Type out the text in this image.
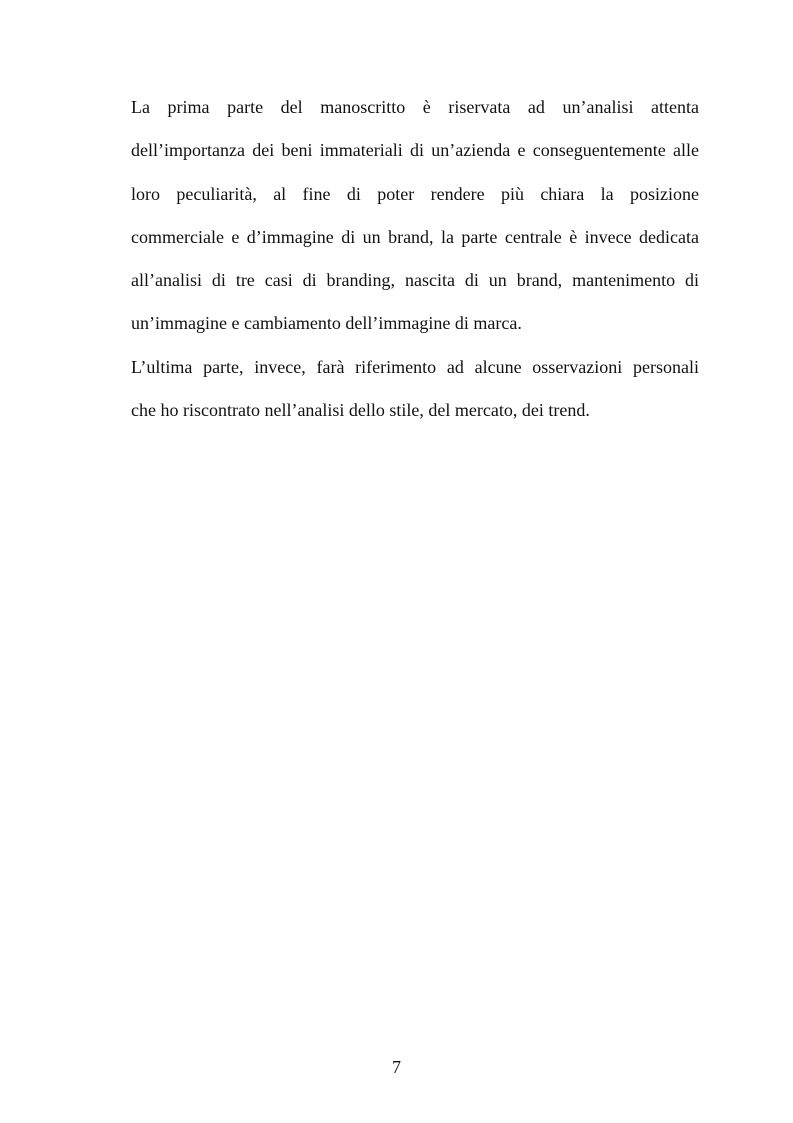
La prima parte del manoscritto è riservata ad un’analisi attenta
dell’importanza dei beni immateriali di un’azienda e conseguentemente alle
loro peculiarità, al fine di poter rendere più chiara la posizione
commerciale e d’immagine di un brand, la parte centrale è invece dedicata
all’analisi di tre casi di branding, nascita di un brand, mantenimento di
un’immagine e cambiamento dell’immagine di marca.
L’ultima parte, invece, farà riferimento ad alcune osservazioni personali
che ho riscontrato nell’analisi dello stile, del mercato, dei trend.
7
